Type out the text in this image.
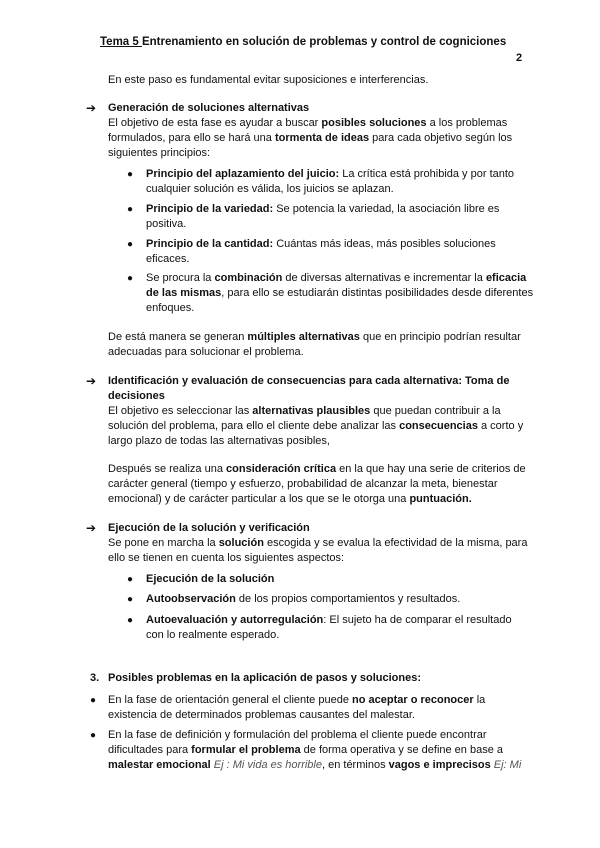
Tema 5 Entrenamiento en solución de problemas y control de cogniciones
2
En este paso es fundamental evitar suposiciones e interferencias.
➔ Generación de soluciones alternativas
El objetivo de esta fase es ayudar a buscar posibles soluciones a los problemas formulados, para ello se hará una tormenta de ideas para cada objetivo según los siguientes principios:
● Principio del aplazamiento del juicio: La crítica está prohibida y por tanto cualquier solución es válida, los juicios se aplazan.
● Principio de la variedad: Se potencia la variedad, la asociación libre es positiva.
● Principio de la cantidad: Cuántas más ideas, más posibles soluciones eficaces.
● Se procura la combinación de diversas alternativas e incrementar la eficacia de las mismas, para ello se estudiarán distintas posibilidades desde diferentes enfoques.
De está manera se generan múltiples alternativas que en principio podrían resultar adecuadas para solucionar el problema.
➔ Identificación y evaluación de consecuencias para cada alternativa: Toma de decisiones
El objetivo es seleccionar las alternativas plausibles que puedan contribuir a la solución del problema, para ello el cliente debe analizar las consecuencias a corto y largo plazo de todas las alternativas posibles,
Después se realiza una consideración crítica en la que hay una serie de criterios de carácter general (tiempo y esfuerzo, probabilidad de alcanzar la meta, bienestar emocional) y de carácter particular a los que se le otorga una puntuación.
➔ Ejecución de la solución y verificación
Se pone en marcha la solución escogida y se evalua la efectividad de la misma, para ello se tienen en cuenta los siguientes aspectos:
● Ejecución de la solución
● Autoobservación de los propios comportamientos y resultados.
● Autoevaluación y autorregulación: El sujeto ha de comparar el resultado con lo realmente esperado.
3. Posibles problemas en la aplicación de pasos y soluciones:
● En la fase de orientación general el cliente puede no aceptar o reconocer la existencia de determinados problemas causantes del malestar.
● En la fase de definición y formulación del problema el cliente puede encontrar dificultades para formular el problema de forma operativa y se define en base a malestar emocional Ej : Mi vida es horrible, en términos vagos e imprecisos Ej: Mi
